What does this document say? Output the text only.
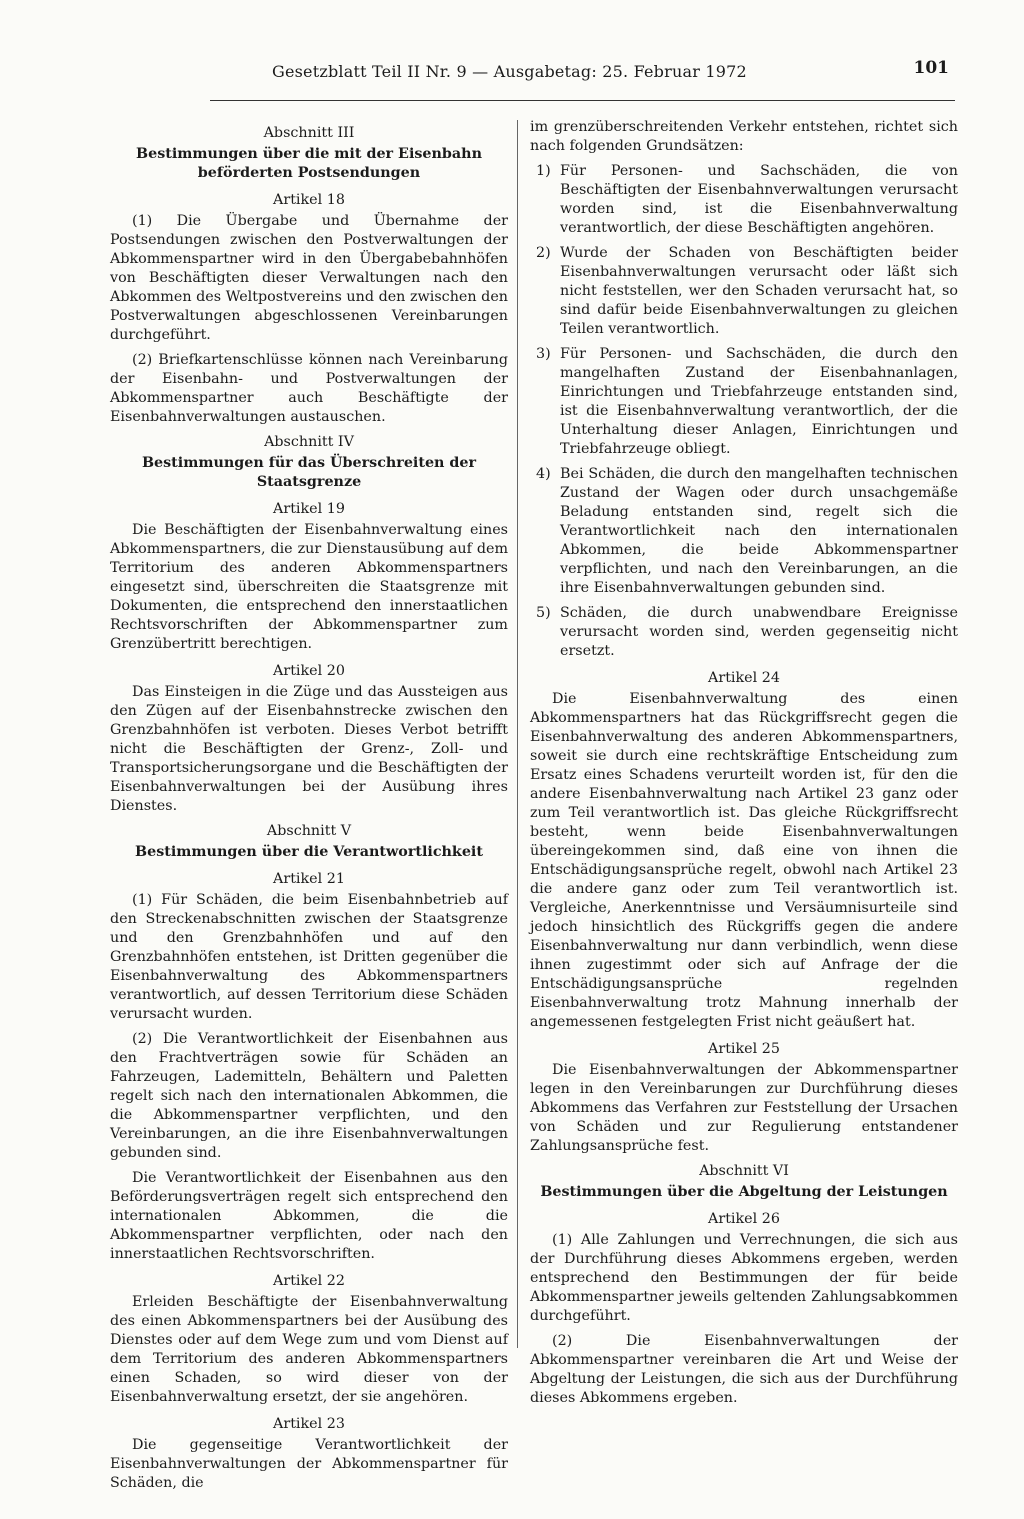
Gesetzblatt Teil II Nr. 9 — Ausgabetag: 25. Februar 1972	101
Abschnitt III
Bestimmungen über die mit der Eisenbahn beförderten Postsendungen
Artikel 18

(1) Die Übergabe und Übernahme der Postsendungen zwischen den Postverwaltungen der Abkommenspartner wird in den Übergabebahnhöfen von Beschäftigten dieser Verwaltungen nach den Abkommen des Weltpostvereins und den zwischen den Postverwaltungen abgeschlossenen Vereinbarungen durchgeführt.

(2) Briefkartenschlüsse können nach Vereinbarung der Eisenbahn- und Postverwaltungen der Abkommenspartner auch Beschäftigte der Eisenbahnverwaltungen austauschen.

Abschnitt IV
Bestimmungen für das Überschreiten der Staatsgrenze
Artikel 19

Die Beschäftigten der Eisenbahnverwaltung eines Abkommenspartners, die zur Dienstausübung auf dem Territorium des anderen Abkommenspartners eingesetzt sind, überschreiten die Staatsgrenze mit Dokumenten, die entsprechend den innerstaatlichen Rechtsvorschriften der Abkommenspartner zum Grenzübertritt berechtigen.

Artikel 20

Das Einsteigen in die Züge und das Aussteigen aus den Zügen auf der Eisenbahnstrecke zwischen den Grenzbahnhöfen ist verboten. Dieses Verbot betrifft nicht die Beschäftigten der Grenz-, Zoll- und Transportsicherungsorgane und die Beschäftigten der Eisenbahnverwaltungen bei der Ausübung ihres Dienstes.

Abschnitt V
Bestimmungen über die Verantwortlichkeit
Artikel 21

(1) Für Schäden, die beim Eisenbahnbetrieb auf den Streckenabschnitten zwischen der Staatsgrenze und den Grenzbahnhöfen und auf den Grenzbahnhöfen entstehen, ist Dritten gegenüber die Eisenbahnverwaltung des Abkommenspartners verantwortlich, auf dessen Territorium diese Schäden verursacht wurden.

(2) Die Verantwortlichkeit der Eisenbahnen aus den Frachtverträgen sowie für Schäden an Fahrzeugen, Lademitteln, Behältern und Paletten regelt sich nach den internationalen Abkommen, die die Abkommenspartner verpflichten, und den Vereinbarungen, an die ihre Eisenbahnverwaltungen gebunden sind.

Die Verantwortlichkeit der Eisenbahnen aus den Beförderungsverträgen regelt sich entsprechend den internationalen Abkommen, die die Abkommenspartner verpflichten, oder nach den innerstaatlichen Rechtsvorschriften.

Artikel 22

Erleiden Beschäftigte der Eisenbahnverwaltung des einen Abkommenspartners bei der Ausübung des Dienstes oder auf dem Wege zum und vom Dienst auf dem Territorium des anderen Abkommenspartners einen Schaden, so wird dieser von der Eisenbahnverwaltung ersetzt, der sie angehören.

Artikel 23

Die gegenseitige Verantwortlichkeit der Eisenbahnverwaltungen der Abkommenspartner für Schäden, die

im grenzüberschreitenden Verkehr entstehen, richtet sich nach folgenden Grundsätzen:

1) Für Personen- und Sachschäden, die von Beschäftigten der Eisenbahnverwaltungen verursacht worden sind, ist die Eisenbahnverwaltung verantwortlich, der diese Beschäftigten angehören.
2) Wurde der Schaden von Beschäftigten beider Eisenbahnverwaltungen verursacht oder läßt sich nicht feststellen, wer den Schaden verursacht hat, so sind dafür beide Eisenbahnverwaltungen zu gleichen Teilen verantwortlich.
3) Für Personen- und Sachschäden, die durch den mangelhaften Zustand der Eisenbahnanlagen, Einrichtungen und Triebfahrzeuge entstanden sind, ist die Eisenbahnverwaltung verantwortlich, der die Unterhaltung dieser Anlagen, Einrichtungen und Triebfahrzeuge obliegt.
4) Bei Schäden, die durch den mangelhaften technischen Zustand der Wagen oder durch unsachgemäße Beladung entstanden sind, regelt sich die Verantwortlichkeit nach den internationalen Abkommen, die beide Abkommenspartner verpflichten, und nach den Vereinbarungen, an die ihre Eisenbahnverwaltungen gebunden sind.
5) Schäden, die durch unabwendbare Ereignisse verursacht worden sind, werden gegenseitig nicht ersetzt.
Artikel 24

Die Eisenbahnverwaltung des einen Abkommenspartners hat das Rückgriffsrecht gegen die Eisenbahnverwaltung des anderen Abkommenspartners, soweit sie durch eine rechtskräftige Entscheidung zum Ersatz eines Schadens verurteilt worden ist, für den die andere Eisenbahnverwaltung nach Artikel 23 ganz oder zum Teil verantwortlich ist. Das gleiche Rückgriffsrecht besteht, wenn beide Eisenbahnverwaltungen übereingekommen sind, daß eine von ihnen die Entschädigungsansprüche regelt, obwohl nach Artikel 23 die andere ganz oder zum Teil verantwortlich ist. Vergleiche, Anerkenntnisse und Versäumnisurteile sind jedoch hinsichtlich des Rückgriffs gegen die andere Eisenbahnverwaltung nur dann verbindlich, wenn diese ihnen zugestimmt oder sich auf Anfrage der die Entschädigungsansprüche regelnden Eisenbahnverwaltung trotz Mahnung innerhalb der angemessenen festgelegten Frist nicht geäußert hat.

Artikel 25

Die Eisenbahnverwaltungen der Abkommenspartner legen in den Vereinbarungen zur Durchführung dieses Abkommens das Verfahren zur Feststellung der Ursachen von Schäden und zur Regulierung entstandener Zahlungsansprüche fest.

Abschnitt VI
Bestimmungen über die Abgeltung der Leistungen
Artikel 26

(1) Alle Zahlungen und Verrechnungen, die sich aus der Durchführung dieses Abkommens ergeben, werden entsprechend den Bestimmungen der für beide Abkommenspartner jeweils geltenden Zahlungsabkommen durchgeführt.

(2) Die Eisenbahnverwaltungen der Abkommenspartner vereinbaren die Art und Weise der Abgeltung der Leistungen, die sich aus der Durchführung dieses Abkommens ergeben.
